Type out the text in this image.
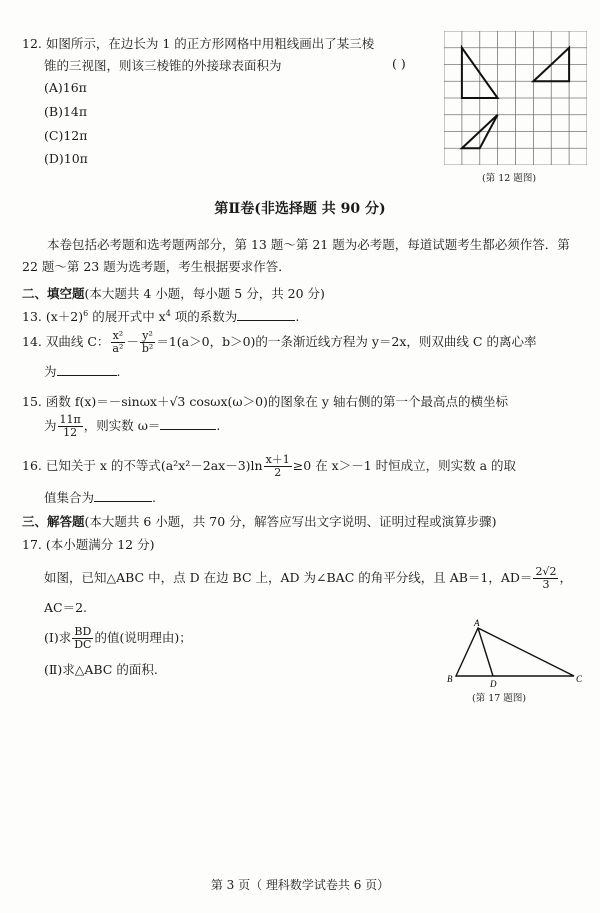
12. 如图所示，在边长为 1 的正方形网格中用粗线画出了某三棱
锥的三视图，则该三棱锥的外接球表面积为	( )
(A)16π
(B)14π
(C)12π
(D)10π
(第 12 题图)
第Ⅱ卷(非选择题 共 90 分)
本卷包括必考题和选考题两部分，第 13 题～第 21 题为必考题，每道试题考生都必须作答．第 22 题～第 23 题为选考题，考生根据要求作答．
二、填空题(本大题共 4 小题，每小题 5 分，共 20 分)
13. $(x+2)^6$ 的展开式中 $x^4$ 项的系数为	.
14. 双曲线 C： $\frac{\text{x²}}{\text{a²}} - \frac{\text{y²}}{\text{b²}} =1(a>0$，b＞0)的一条渐近线方程为 y＝2x，则双曲线 C 的离心率
为	.
15. 函数 f(x)＝－sinωx＋√3 cosωx(ω＞0)的图象在 y 轴右侧的第一个最高点的横坐标
为 $\frac{11\pi}{12}$ ，则实数 ω＝	.
16. 已知关于 x 的不等式$(a^2x^2-2ax-3)\ln \frac{x+1}{2} \ge 0$ 在 x＞－1 时恒成立，则实数 a 的取
值集合为	.
三、解答题(本大题共 6 小题，共 70 分，解答应写出文字说明、证明过程或演算步骤)
17. (本小题满分 12 分)
如图，已知△ABC 中，点 D 在边 BC 上，AD 为∠BAC 的角平分线，且 AB＝1，$AD= \frac{2√2}{3}$ ，
AC＝2.
(Ⅰ)求 $\frac{BD}{DC}$ 的值(说明理由)；
(Ⅱ)求△ABC 的面积.
A
B	D	C
(第 17 题图)
第 3 页（ 理科数学试卷共 6 页）
